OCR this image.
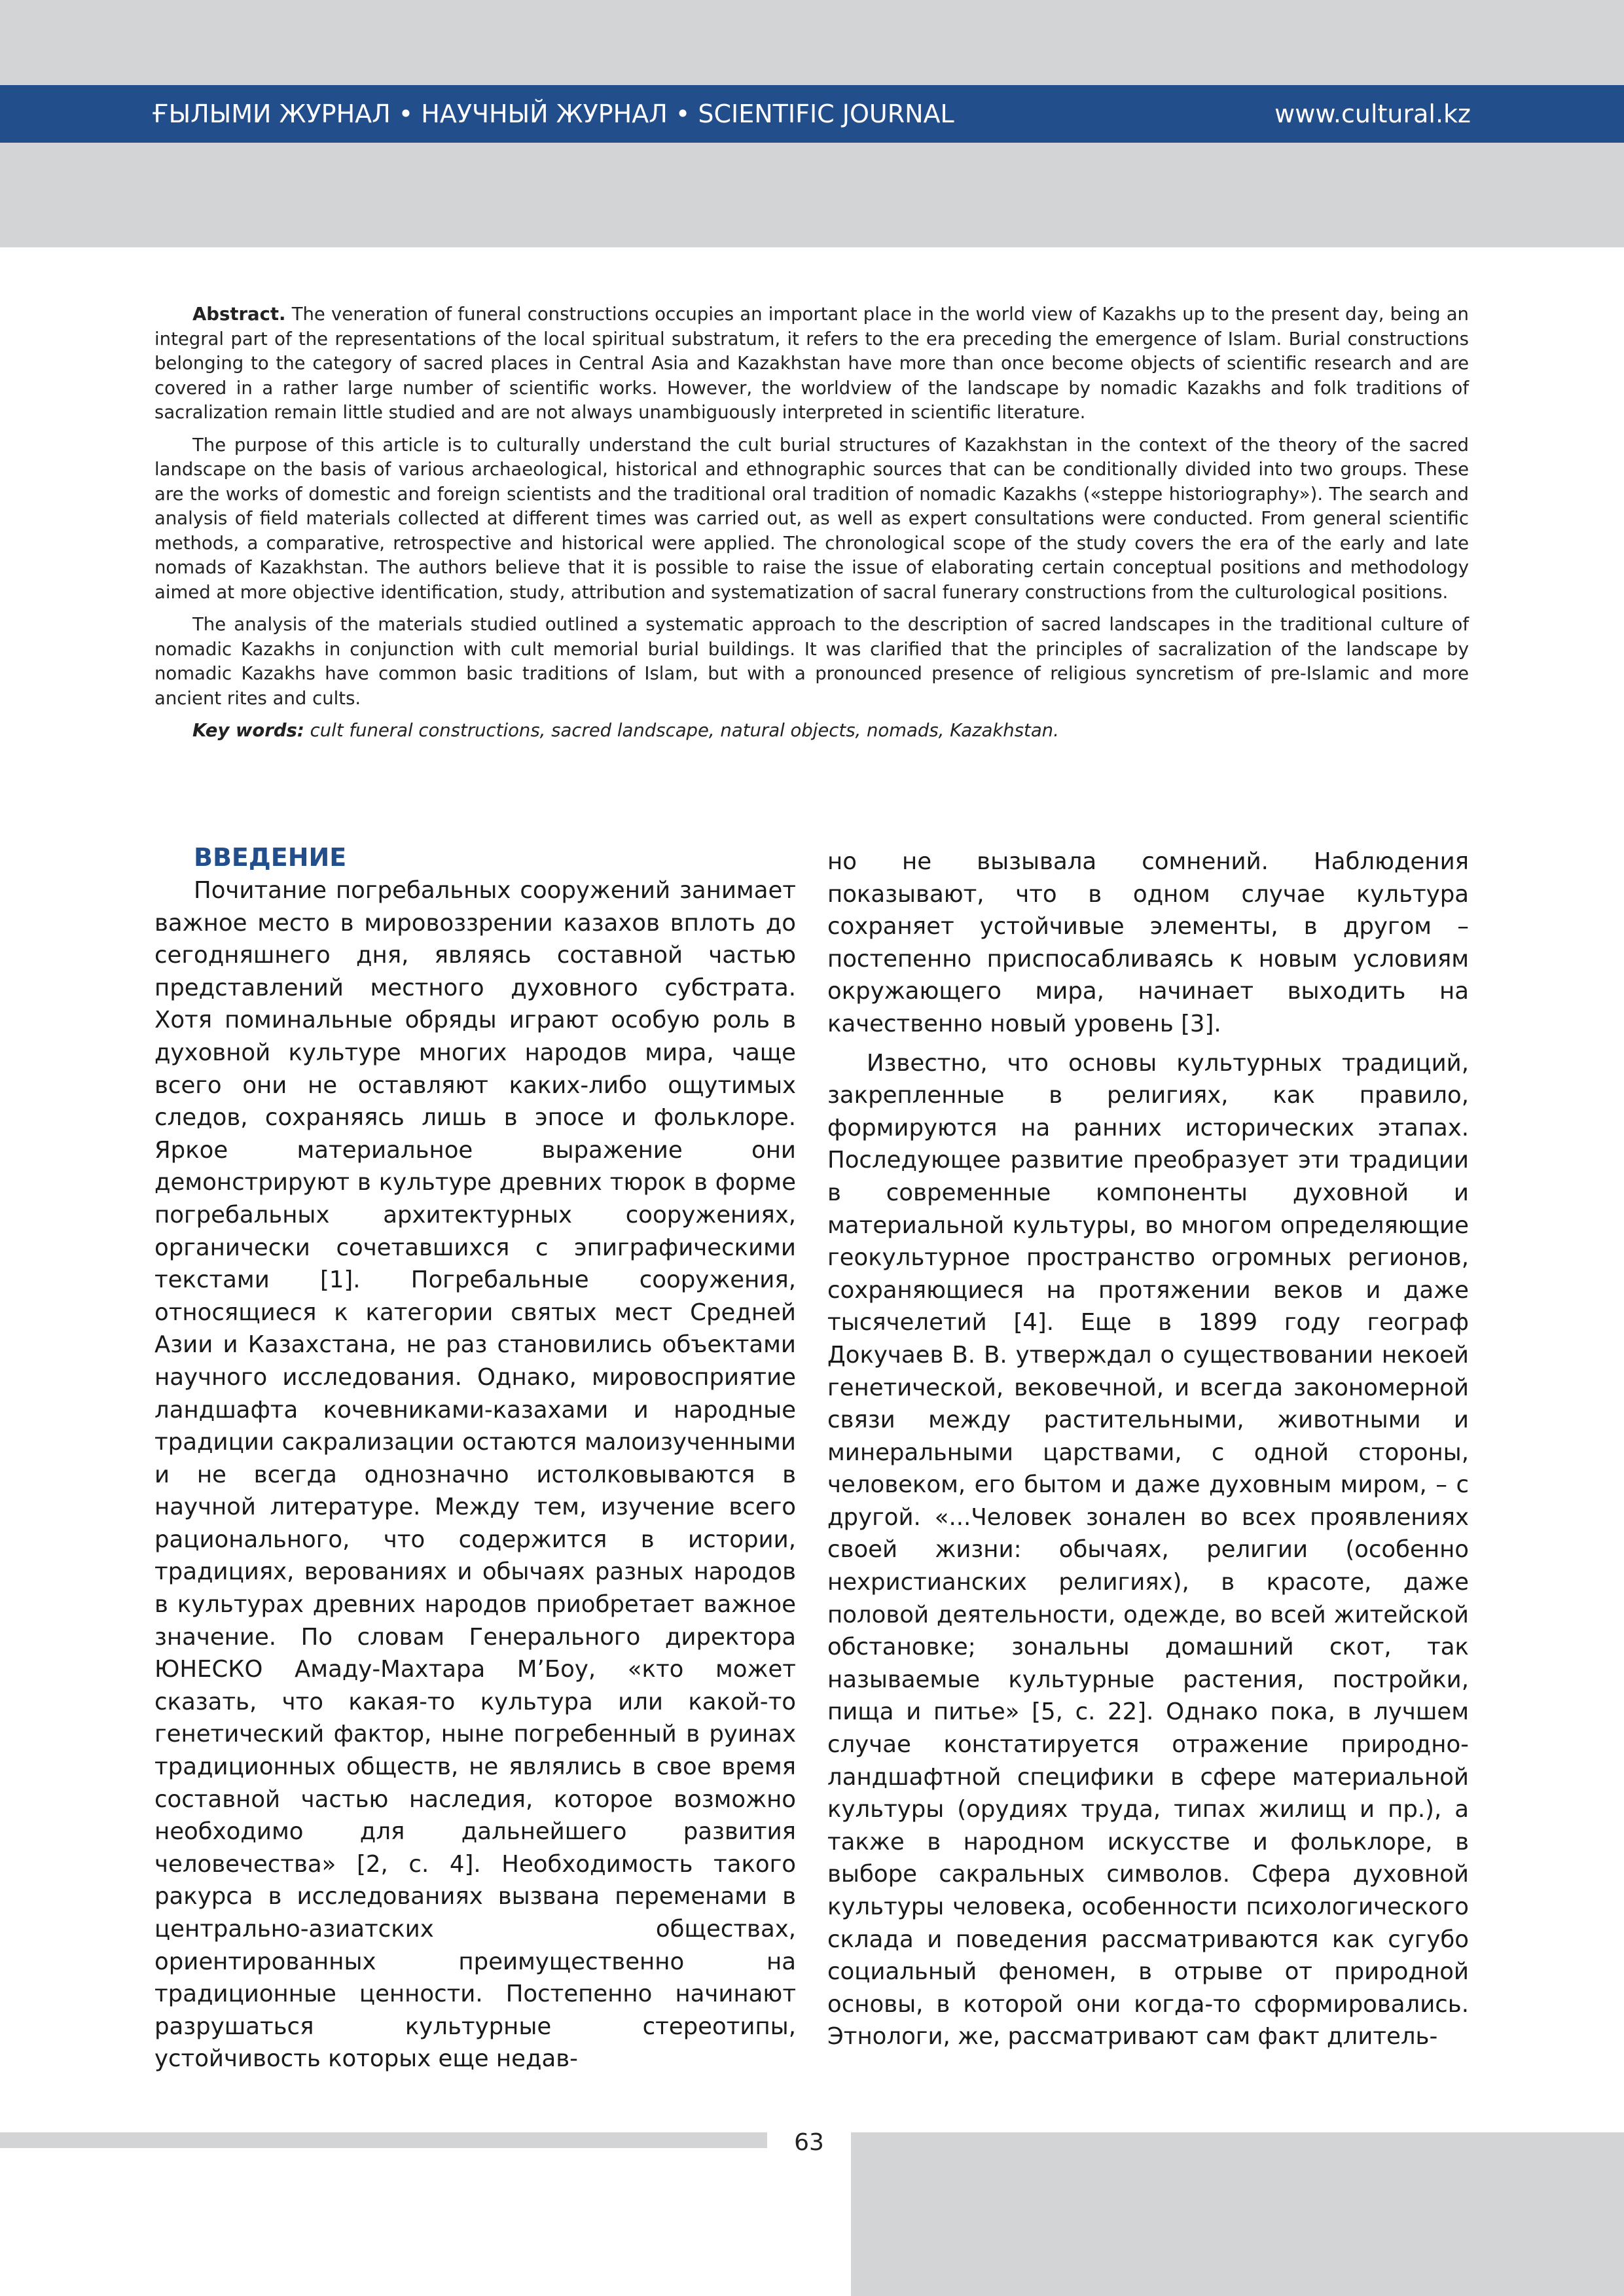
ҒЫЛЫМИ ЖУРНАЛ • НАУЧНЫЙ ЖУРНАЛ • SCIENTIFIC JOURNAL	www.cultural.kz

Abstract. The veneration of funeral constructions occupies an important place in the world view of Kazakhs up to the present day, being an integral part of the representations of the local spiritual substratum, it refers to the era preceding the emergence of Islam. Burial constructions belonging to the category of sacred places in Central Asia and Kazakhstan have more than once become objects of scientific research and are covered in a rather large number of scientific works. However, the worldview of the landscape by nomadic Kazakhs and folk traditions of sacralization remain little studied and are not always unambiguously interpreted in scientific literature.

The purpose of this article is to culturally understand the cult burial structures of Kazakhstan in the context of the theory of the sacred landscape on the basis of various archaeological, historical and ethnographic sources that can be conditionally divided into two groups. These are the works of domestic and foreign scientists and the traditional oral tradition of nomadic Kazakhs («steppe historiography»). The search and analysis of field materials collected at different times was carried out, as well as expert consultations were conducted. From general scientific methods, a comparative, retrospective and historical were applied. The chronological scope of the study covers the era of the early and late nomads of Kazakhstan. The authors believe that it is possible to raise the issue of elaborating certain conceptual positions and methodology aimed at more objective identification, study, attribution and systematization of sacral funerary constructions from the culturological positions.

The analysis of the materials studied outlined a systematic approach to the description of sacred landscapes in the traditional culture of nomadic Kazakhs in conjunction with cult memorial burial buildings. It was clarified that the principles of sacralization of the landscape by nomadic Kazakhs have common basic traditions of Islam, but with a pronounced presence of religious syncretism of pre-Islamic and more ancient rites and cults.

Key words: cult funeral constructions, sacred landscape, natural objects, nomads, Kazakhstan.

ВВЕДЕНИЕ

Почитание погребальных сооружений занимает важное место в мировоззрении казахов вплоть до сегодняшнего дня, являясь составной частью представлений местного духовного субстрата. Хотя поминальные обряды играют особую роль в духовной культуре многих народов мира, чаще всего они не оставляют каких-либо ощутимых следов, сохраняясь лишь в эпосе и фольклоре. Яркое материальное выражение они демонстрируют в культуре древних тюрок в форме погребальных архитектурных сооружениях, органически сочетавшихся с эпиграфическими текстами [1]. Погребальные сооружения, относящиеся к категории святых мест Средней Азии и Казахстана, не раз становились объектами научного исследования. Однако, мировосприятие ландшафта кочевниками-казахами и народные традиции сакрализации остаются малоизученными и не всегда однозначно истолковываются в научной литературе. Между тем, изучение всего рационального, что содержится в истории, традициях, верованиях и обычаях разных народов в культурах древних народов приобретает важное значение. По словам Генерального директора ЮНЕСКО Амаду-Махтара М’Боу, «кто может сказать, что какая-то культура или какой-то генетический фактор, ныне погребенный в руинах традиционных обществ, не являлись в свое время составной частью наследия, которое возможно необходимо для дальнейшего развития человечества» [2, с. 4]. Необходимость такого ракурса в исследованиях вызвана переменами в центрально-азиатских обществах, ориентированных преимущественно на традиционные ценности. Постепенно начинают разрушаться культурные стереотипы, устойчивость которых еще недав-

но не вызывала сомнений. Наблюдения показывают, что в одном случае культура сохраняет устойчивые элементы, в другом – постепенно приспосабливаясь к новым условиям окружающего мира, начинает выходить на качественно новый уровень [3].

Известно, что основы культурных традиций, закрепленные в религиях, как правило, формируются на ранних исторических этапах. Последующее развитие преобразует эти традиции в современные компоненты духовной и материальной культуры, во многом определяющие геокультурное пространство огромных регионов, сохраняющиеся на протяжении веков и даже тысячелетий [4]. Еще в 1899 году географ Докучаев В. В. утверждал о существовании некоей генетической, вековечной, и всегда закономерной связи между растительными, животными и минеральными царствами, с одной стороны, человеком, его бытом и даже духовным миром, – с другой. «...Человек зонален во всех проявлениях своей жизни: обычаях, религии (особенно нехристианских религиях), в красоте, даже половой деятельности, одежде, во всей житейской обстановке; зональны домашний скот, так называемые культурные растения, постройки, пища и питье» [5, с. 22]. Однако пока, в лучшем случае констатируется отражение природно-ландшафтной специфики в сфере материальной культуры (орудиях труда, типах жилищ и пр.), а также в народном искусстве и фольклоре, в выборе сакральных символов. Сфера духовной культуры человека, особенности психологического склада и поведения рассматриваются как сугубо социальный феномен, в отрыве от природной основы, в которой они когда-то сформировались. Этнологи, же, рассматривают сам факт длитель-

63
